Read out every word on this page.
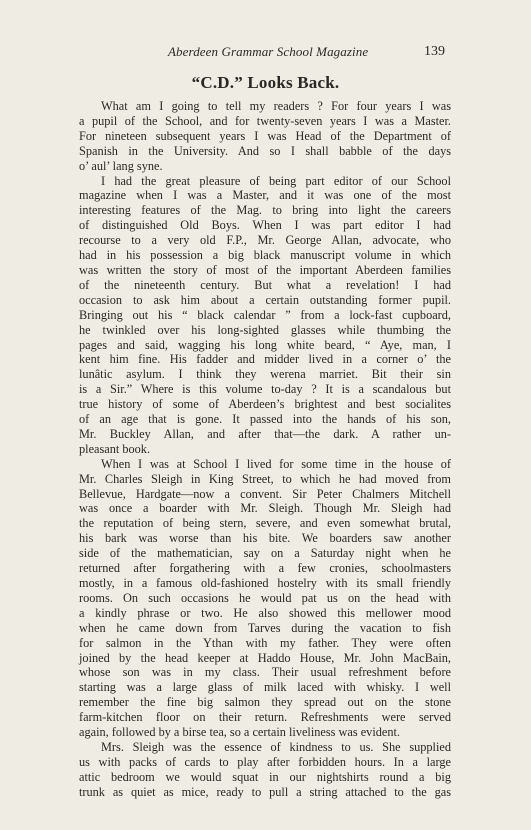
Aberdeen Grammar School Magazine	139
“C.D.” Looks Back.

What am I going to tell my readers ? For four years I was
a pupil of the School, and for twenty-seven years I was a Master.
For nineteen subsequent years I was Head of the Department of
Spanish in the University. And so I shall babble of the days
o’ aul’ lang syne.

I had the great pleasure of being part editor of our School
magazine when I was a Master, and it was one of the most
interesting features of the Mag. to bring into light the careers
of distinguished Old Boys. When I was part editor I had
recourse to a very old F.P., Mr. George Allan, advocate, who
had in his possession a big black manuscript volume in which
was written the story of most of the important Aberdeen families
of the nineteenth century. But what a revelation! I had
occasion to ask him about a certain outstanding former pupil.
Bringing out his “ black calendar ” from a lock-fast cupboard,
he twinkled over his long-sighted glasses while thumbing the
pages and said, wagging his long white beard, “ Aye, man, I
kent him fine. His fadder and midder lived in a corner o’ the
lunâtic asylum. I think they werena marriet. Bit their sin
is a Sir.” Where is this volume to-day ? It is a scandalous but
true history of some of Aberdeen’s brightest and best socialites
of an age that is gone. It passed into the hands of his son,
Mr. Buckley Allan, and after that—the dark. A rather un-
pleasant book.

When I was at School I lived for some time in the house of
Mr. Charles Sleigh in King Street, to which he had moved from
Bellevue, Hardgate—now a convent. Sir Peter Chalmers Mitchell
was once a boarder with Mr. Sleigh. Though Mr. Sleigh had
the reputation of being stern, severe, and even somewhat brutal,
his bark was worse than his bite. We boarders saw another
side of the mathematician, say on a Saturday night when he
returned after forgathering with a few cronies, schoolmasters
mostly, in a famous old-fashioned hostelry with its small friendly
rooms. On such occasions he would pat us on the head with
a kindly phrase or two. He also showed this mellower mood
when he came down from Tarves during the vacation to fish
for salmon in the Ythan with my father. They were often
joined by the head keeper at Haddo House, Mr. John MacBain,
whose son was in my class. Their usual refreshment before
starting was a large glass of milk laced with whisky. I well
remember the fine big salmon they spread out on the stone
farm-kitchen floor on their return. Refreshments were served
again, followed by a birse tea, so a certain liveliness was evident.

Mrs. Sleigh was the essence of kindness to us. She supplied
us with packs of cards to play after forbidden hours. In a large
attic bedroom we would squat in our nightshirts round a big
trunk as quiet as mice, ready to pull a string attached to the gas
